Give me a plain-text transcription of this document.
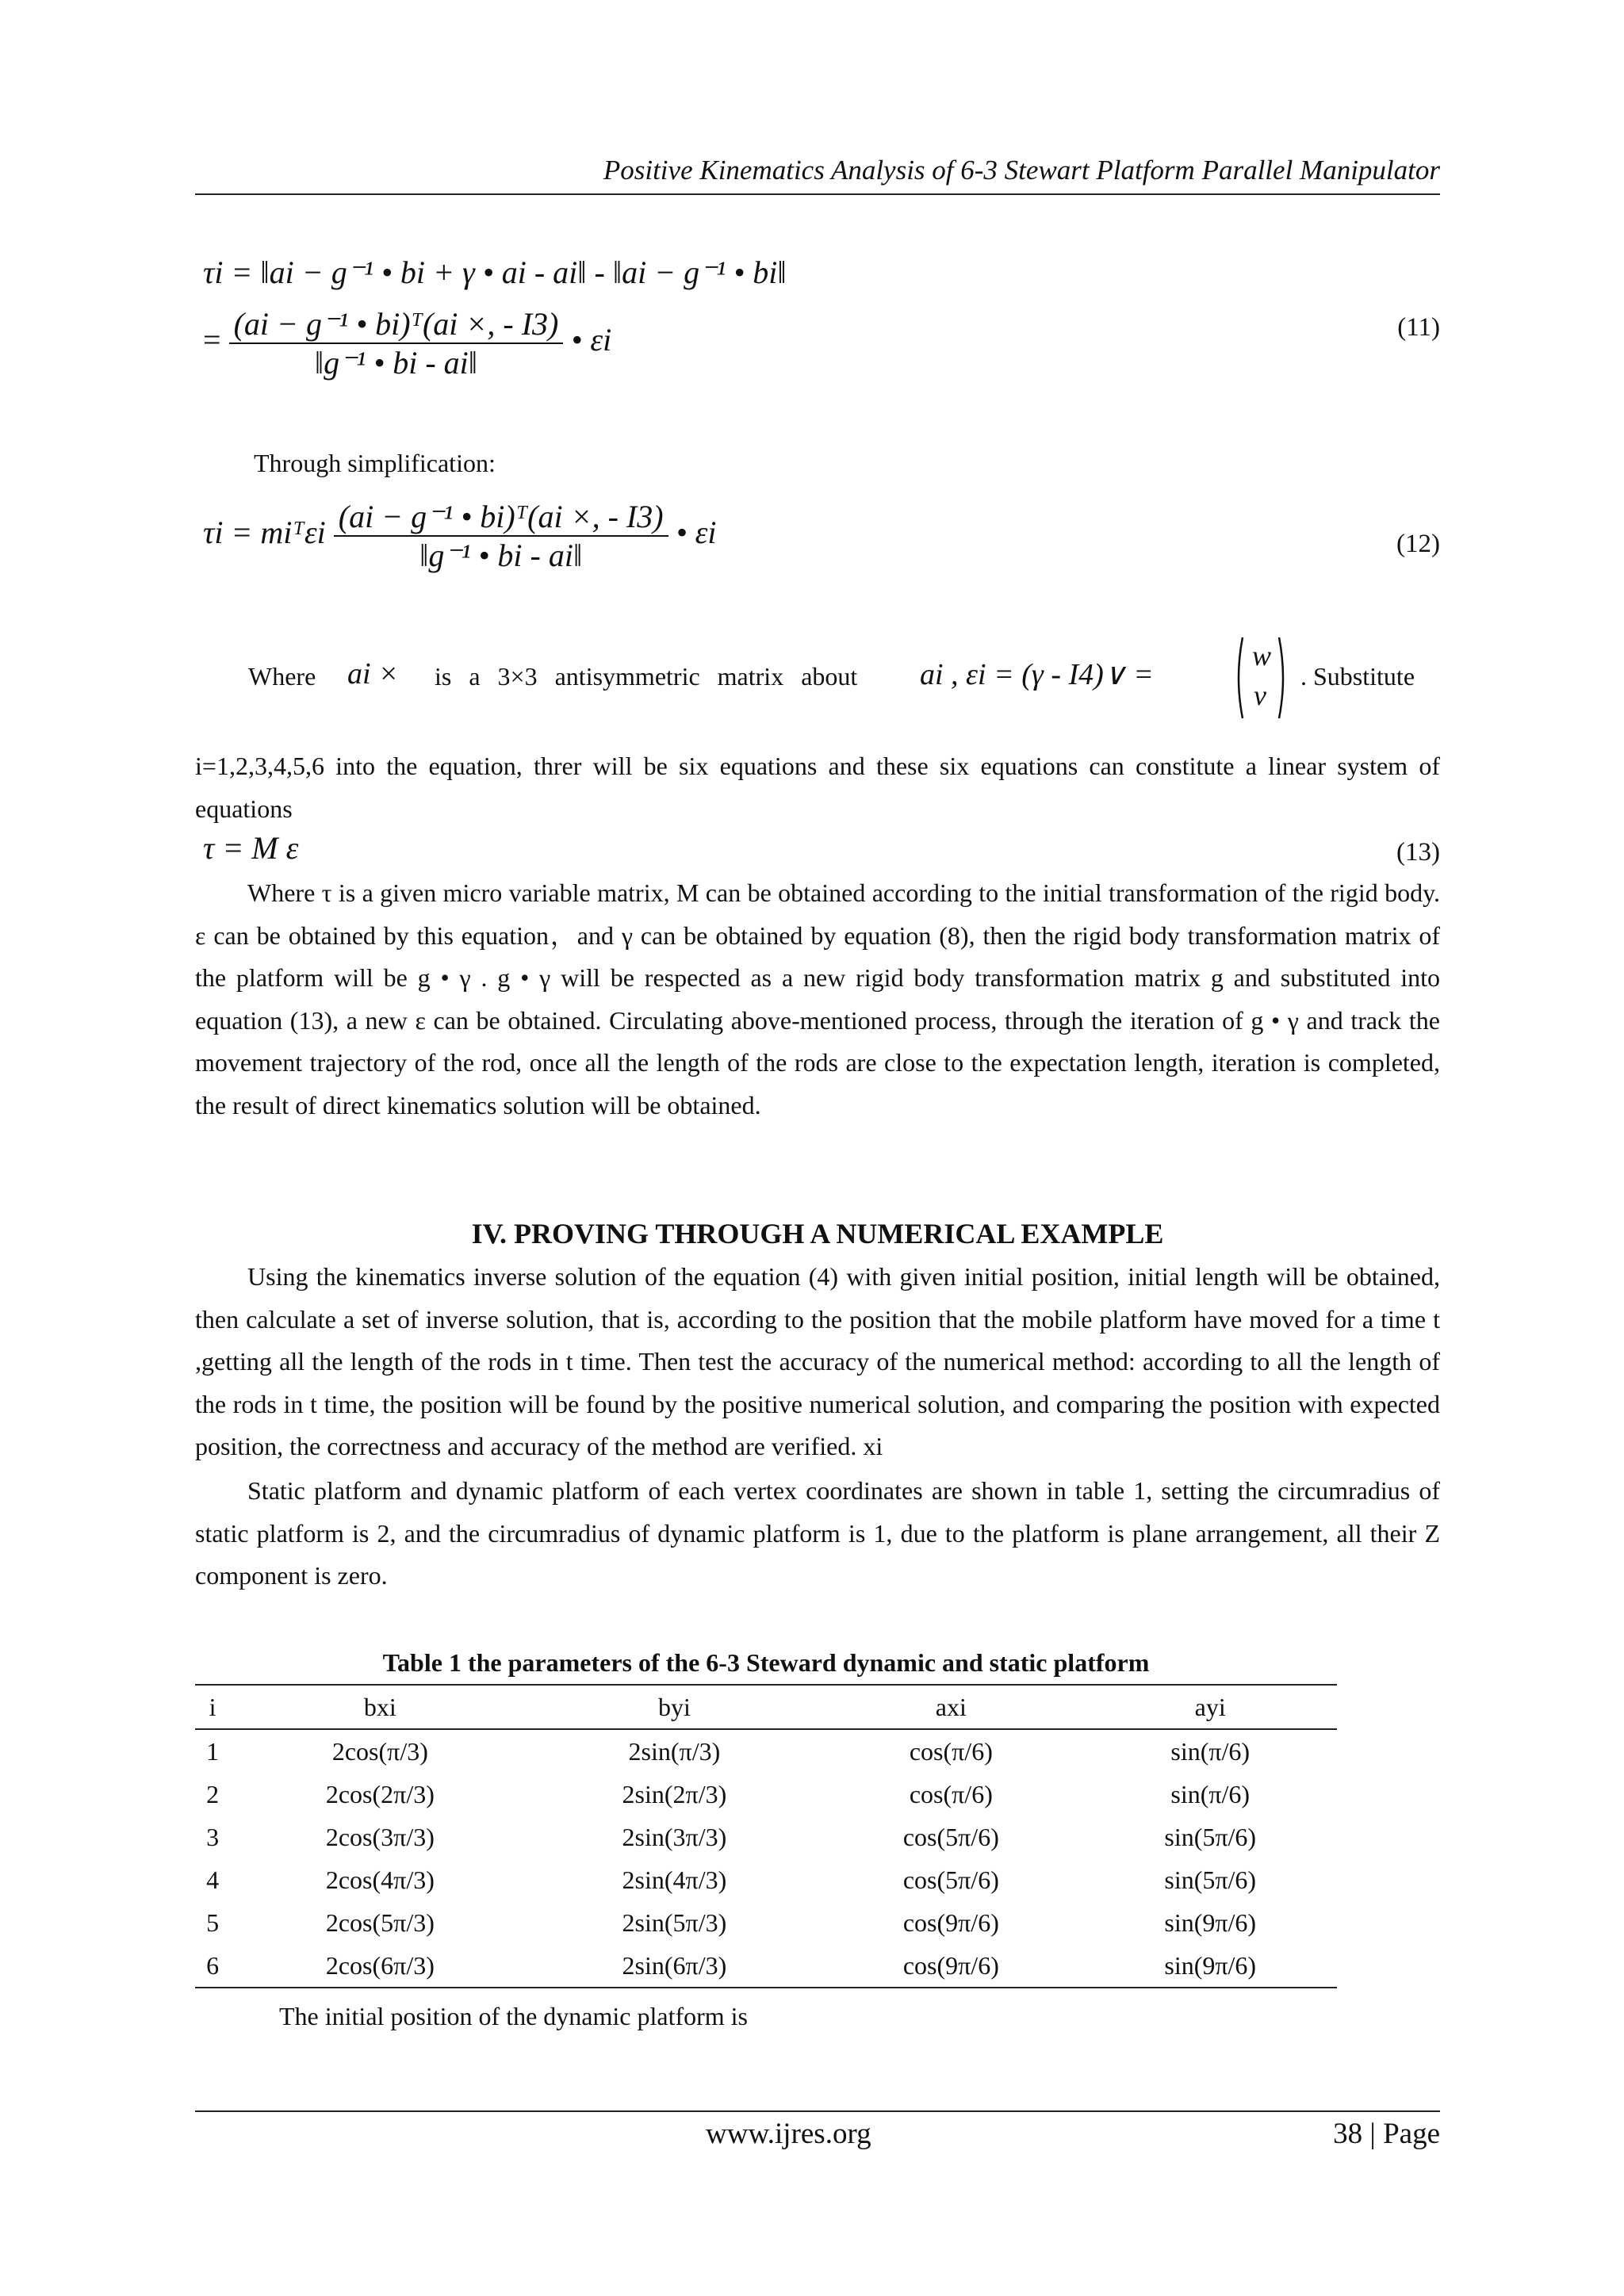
Positive Kinematics Analysis of 6-3 Stewart Platform Parallel Manipulator
τi = ‖ai − g⁻¹ • bi + γ • ai - ai‖ - ‖ai − g⁻¹ • bi‖
= $\frac{\text{(ai − g⁻¹ • bi)ᵀ(ai ×, - I3)}}{\text{‖g⁻¹ • bi - ai‖}}$ • εi	(11)
Through simplification:
τi = miᵀεi $\frac{\text{(ai − g⁻¹ • bi)ᵀ(ai ×, - I3)}}{\text{‖g⁻¹ • bi - ai‖}}$ • εi	(12)
Where ai × is a 3×3 antisymmetric matrix about ai , εi = (γ - I4)∨ =
w
v
. Substitute
i=1,2,3,4,5,6 into the equation, threr will be six equations and these six equations can constitute a linear system of equations
τ = M ε	(13)
Where τ is a given micro variable matrix, M can be obtained according to the initial transformation of the rigid body. ε can be obtained by this equation，and γ can be obtained by equation (8), then the rigid body transformation matrix of the platform will be g • γ . g • γ will be respected as a new rigid body transformation matrix g and substituted into equation (13), a new ε can be obtained. Circulating above-mentioned process, through the iteration of g • γ and track the movement trajectory of the rod, once all the length of the rods are close to the expectation length, iteration is completed, the result of direct kinematics solution will be obtained.
IV. PROVING THROUGH A NUMERICAL EXAMPLE
Using the kinematics inverse solution of the equation (4) with given initial position, initial length will be obtained, then calculate a set of inverse solution, that is, according to the position that the mobile platform have moved for a time t ,getting all the length of the rods in t time. Then test the accuracy of the numerical method: according to all the length of the rods in t time, the position will be found by the positive numerical solution, and comparing the position with expected position, the correctness and accuracy of the method are verified. xi
Static platform and dynamic platform of each vertex coordinates are shown in table 1, setting the circumradius of static platform is 2, and the circumradius of dynamic platform is 1, due to the platform is plane arrangement, all their Z component is zero.
Table 1 the parameters of the 6-3 Steward dynamic and static platform
i	bxi	byi	axi	ayi
1	2cos(π/3)	2sin(π/3)	cos(π/6)	sin(π/6)
2	2cos(2π/3)	2sin(2π/3)	cos(π/6)	sin(π/6)
3	2cos(3π/3)	2sin(3π/3)	cos(5π/6)	sin(5π/6)
4	2cos(4π/3)	2sin(4π/3)	cos(5π/6)	sin(5π/6)
5	2cos(5π/3)	2sin(5π/3)	cos(9π/6)	sin(9π/6)
6	2cos(6π/3)	2sin(6π/3)	cos(9π/6)	sin(9π/6)
The initial position of the dynamic platform is
www.ijres.org	38 | Page
